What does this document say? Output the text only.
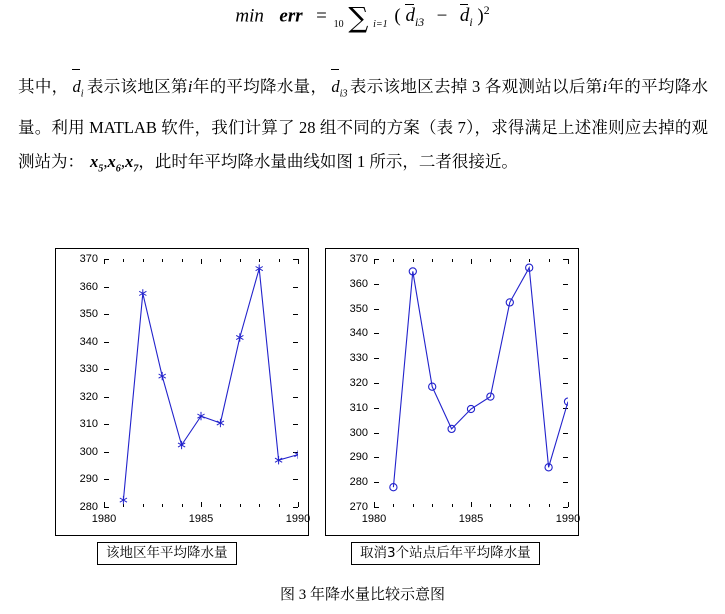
min err = 10 ∑ i=1 ( $d_{i3} - d_i$ )$^2$
其中， $d_i$ 表示该地区第i年的平均降水量， $d_{i3}$ 表示该地区去掉 3 各观测站以后第i年的平均降水量。利用 MATLAB 软件，我们计算了 28 组不同的方案（表 7），求得满足上述准则应去掉的观测站为： $x_5,x_6,x_7$，此时年平均降水量曲线如图 1 所示，二者很接近。
280
290
300
310
320
330
340
350
360
370
1980	1985	1990
该地区年平均降水量
270
280
290
300
310
320
330
340
350
360
370
1980	1985	1990
取消3个站点后年平均降水量
图 3 年降水量比较示意图
